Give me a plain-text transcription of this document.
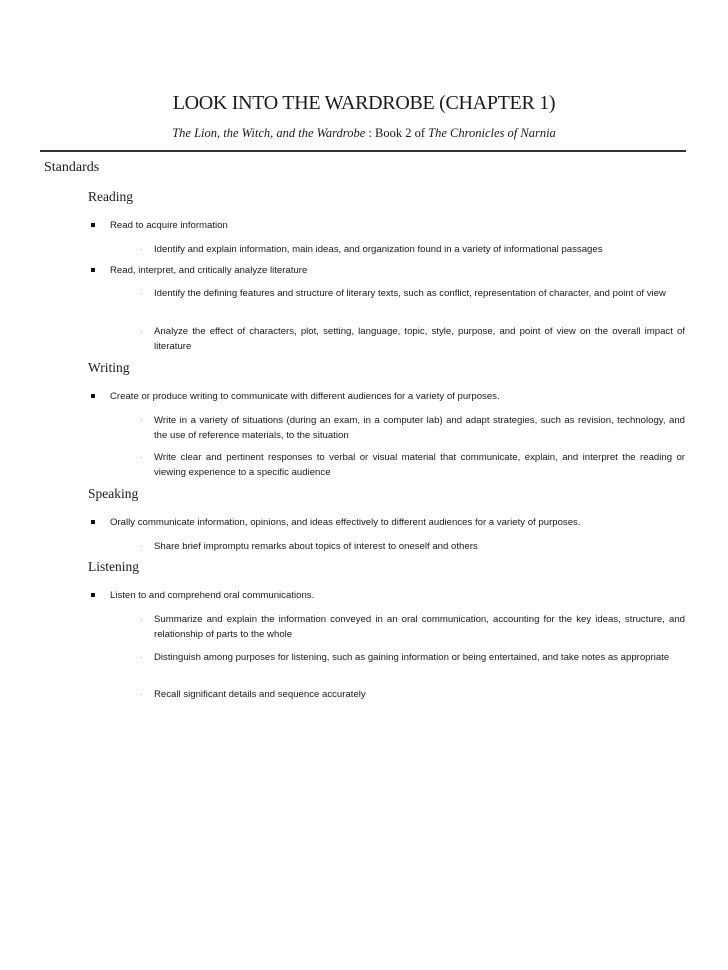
LOOK INTO THE WARDROBE (CHAPTER 1)
The Lion, the Witch, and the Wardrobe : Book 2 of The Chronicles of Narnia
Standards
Reading
Read to acquire information
· Identify and explain information, main ideas, and organization found in a variety of informational passages
Read, interpret, and critically analyze literature
· Identify the defining features and structure of literary texts, such as conflict, representation of character, and point of view
· Analyze the effect of characters, plot, setting, language, topic, style, purpose, and point of view on the overall impact of literature
Writing
Create or produce writing to communicate with different audiences for a variety of purposes.
· Write in a variety of situations (during an exam, in a computer lab) and adapt strategies, such as revision, technology, and the use of reference materials, to the situation
· Write clear and pertinent responses to verbal or visual material that communicate, explain, and interpret the reading or viewing experience to a specific audience
Speaking
Orally communicate information, opinions, and ideas effectively to different audiences for a variety of purposes.
· Share brief impromptu remarks about topics of interest to oneself and others
Listening
Listen to and comprehend oral communications.
· Summarize and explain the information conveyed in an oral communication, accounting for the key ideas, structure, and relationship of parts to the whole
· Distinguish among purposes for listening, such as gaining information or being entertained, and take notes as appropriate
· Recall significant details and sequence accurately
